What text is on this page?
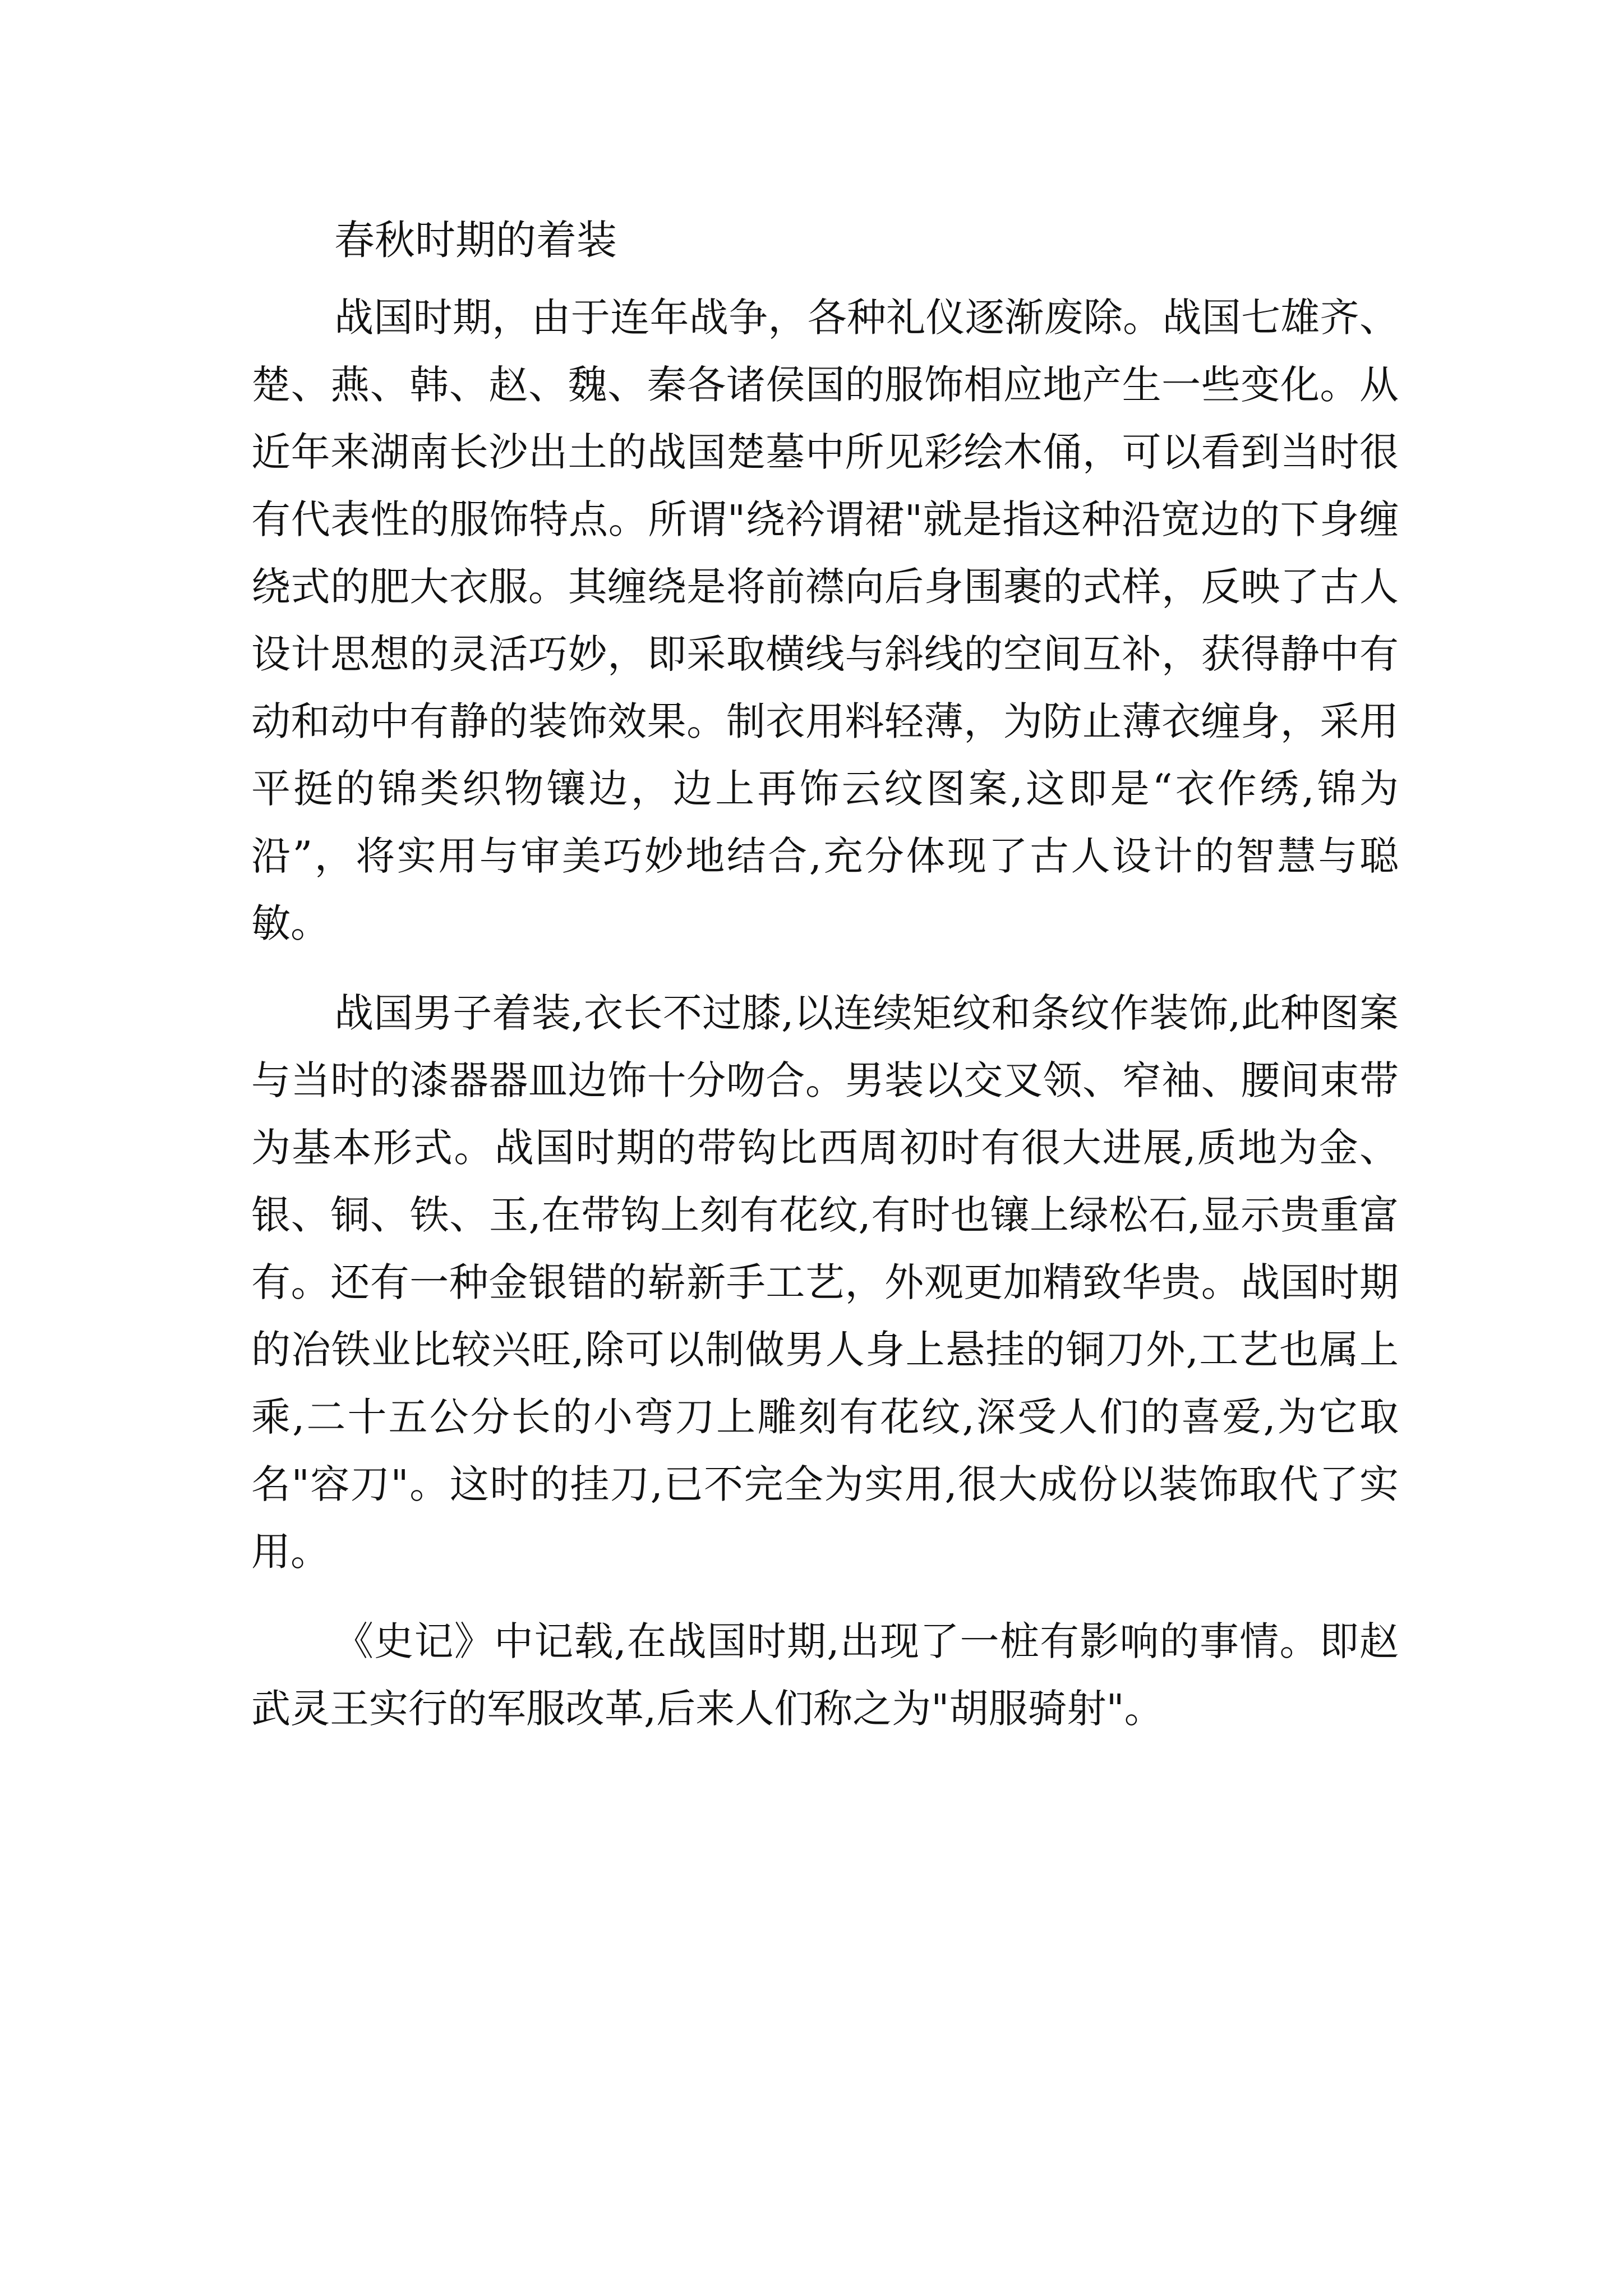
春秋时期的着装

战国时期，由于连年战争，各种礼仪逐渐废除。战国七雄齐、楚、燕、韩、赵、魏、秦各诸侯国的服饰相应地产生一些变化。从近年来湖南长沙出土的战国楚墓中所见彩绘木俑，可以看到当时很有代表性的服饰特点。所谓"绕衿谓裙"就是指这种沿宽边的下身缠绕式的肥大衣服。其缠绕是将前襟向后身围裹的式样，反映了古人设计思想的灵活巧妙，即采取横线与斜线的空间互补，获得静中有动和动中有静的装饰效果。制衣用料轻薄，为防止薄衣缠身，采用平挺的锦类织物镶边，边上再饰云纹图案,这即是“衣作绣,锦为沿”，将实用与审美巧妙地结合,充分体现了古人设计的智慧与聪敏。

战国男子着装,衣长不过膝,以连续矩纹和条纹作装饰,此种图案与当时的漆器器皿边饰十分吻合。男装以交叉领、窄袖、腰间束带为基本形式。战国时期的带钩比西周初时有很大进展,质地为金、银、铜、铁、玉,在带钩上刻有花纹,有时也镶上绿松石,显示贵重富有。还有一种金银错的崭新手工艺，外观更加精致华贵。战国时期的冶铁业比较兴旺,除可以制做男人身上悬挂的铜刀外,工艺也属上乘,二十五公分长的小弯刀上雕刻有花纹,深受人们的喜爱,为它取名"容刀"。这时的挂刀,已不完全为实用,很大成份以装饰取代了实用。

《史记》中记载,在战国时期,出现了一桩有影响的事情。即赵武灵王实行的军服改革,后来人们称之为"胡服骑射"。
